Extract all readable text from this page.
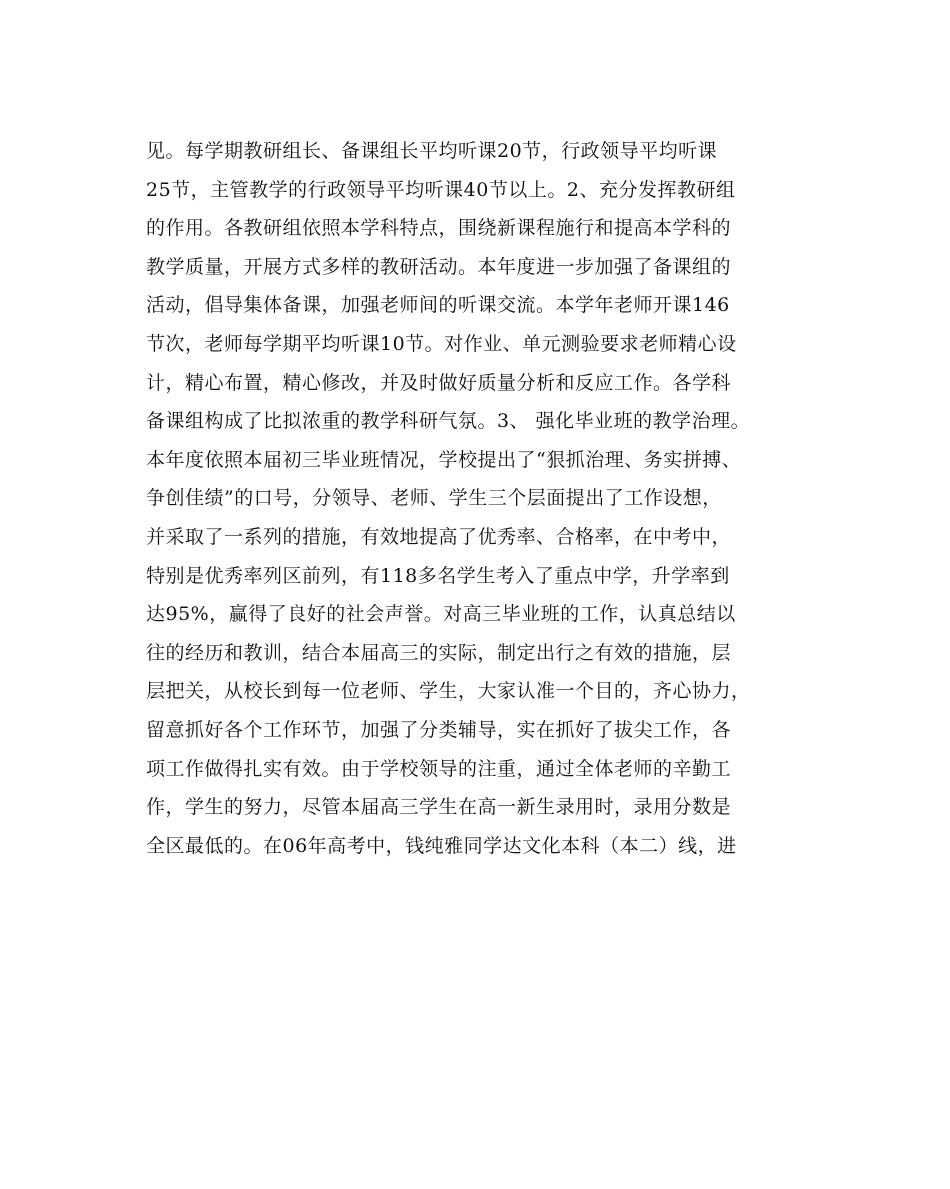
见。每学期教研组长、备课组长平均听课20节，行政领导平均听课
25节，主管教学的行政领导平均听课40节以上。2、充分发挥教研组
的作用。各教研组依照本学科特点，围绕新课程施行和提高本学科的
教学质量，开展方式多样的教研活动。本年度进一步加强了备课组的
活动，倡导集体备课，加强老师间的听课交流。本学年老师开课146
节次，老师每学期平均听课10节。对作业、单元测验要求老师精心设
计，精心布置，精心修改，并及时做好质量分析和反应工作。各学科
备课组构成了比拟浓重的教学科研气氛。3、 强化毕业班的教学治理。
本年度依照本届初三毕业班情况，学校提出了“狠抓治理、务实拼搏、
争创佳绩”的口号，分领导、老师、学生三个层面提出了工作设想，
并采取了一系列的措施，有效地提高了优秀率、合格率，在中考中，
特别是优秀率列区前列，有118多名学生考入了重点中学，升学率到
达95%，赢得了良好的社会声誉。对高三毕业班的工作，认真总结以
往的经历和教训，结合本届高三的实际，制定出行之有效的措施，层
层把关，从校长到每一位老师、学生，大家认准一个目的，齐心协力，
留意抓好各个工作环节，加强了分类辅导，实在抓好了拔尖工作，各
项工作做得扎实有效。由于学校领导的注重，通过全体老师的辛勤工
作，学生的努力，尽管本届高三学生在高一新生录用时，录用分数是
全区最低的。在06年高考中，钱纯雅同学达文化本科（本二）线，进
